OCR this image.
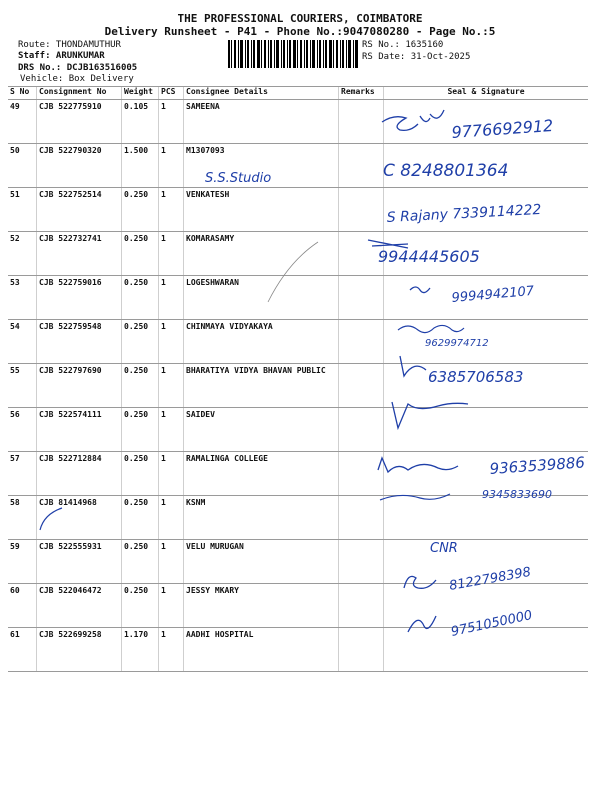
THE PROFESSIONAL COURIERS, COIMBATORE
Delivery Runsheet - P41 - Phone No.:9047080280 - Page No.:5
Route: THONDAMUTHUR
Staff: ARUNKUMAR
DRS No.: DCJB163516005
Vehicle: Box Delivery
RS No.: 1635160
RS Date: 31-Oct-2025
S No	Consignment No	Weight	PCS	Consignee Details	Remarks	Seal & Signature
49	CJB 522775910	0.105	1	SAMEENA		
50	CJB 522790320	1.500	1	M1307093		
51	CJB 522752514	0.250	1	VENKATESH		
52	CJB 522732741	0.250	1	KOMARASAMY		
53	CJB 522759016	0.250	1	LOGESHWARAN		
54	CJB 522759548	0.250	1	CHINMAYA VIDYAKAYA		
55	CJB 522797690	0.250	1	BHARATIYA VIDYA BHAVAN PUBLIC		
56	CJB 522574111	0.250	1	SAIDEV		
57	CJB 522712884	0.250	1	RAMALINGA COLLEGE		
58	CJB 81414968	0.250	1	KSNM		
59	CJB 522555931	0.250	1	VELU MURUGAN		
60	CJB 522046472	0.250	1	JESSY MKARY		
61	CJB 522699258	1.170	1	AADHI HOSPITAL		
9776692912
S.S.Studio	C 8248801364
S Rajany 7339114222
9944445605
9994942107
9629974712
6385706583
9363539886
9345833690
CNR
8122798398
9751050000
